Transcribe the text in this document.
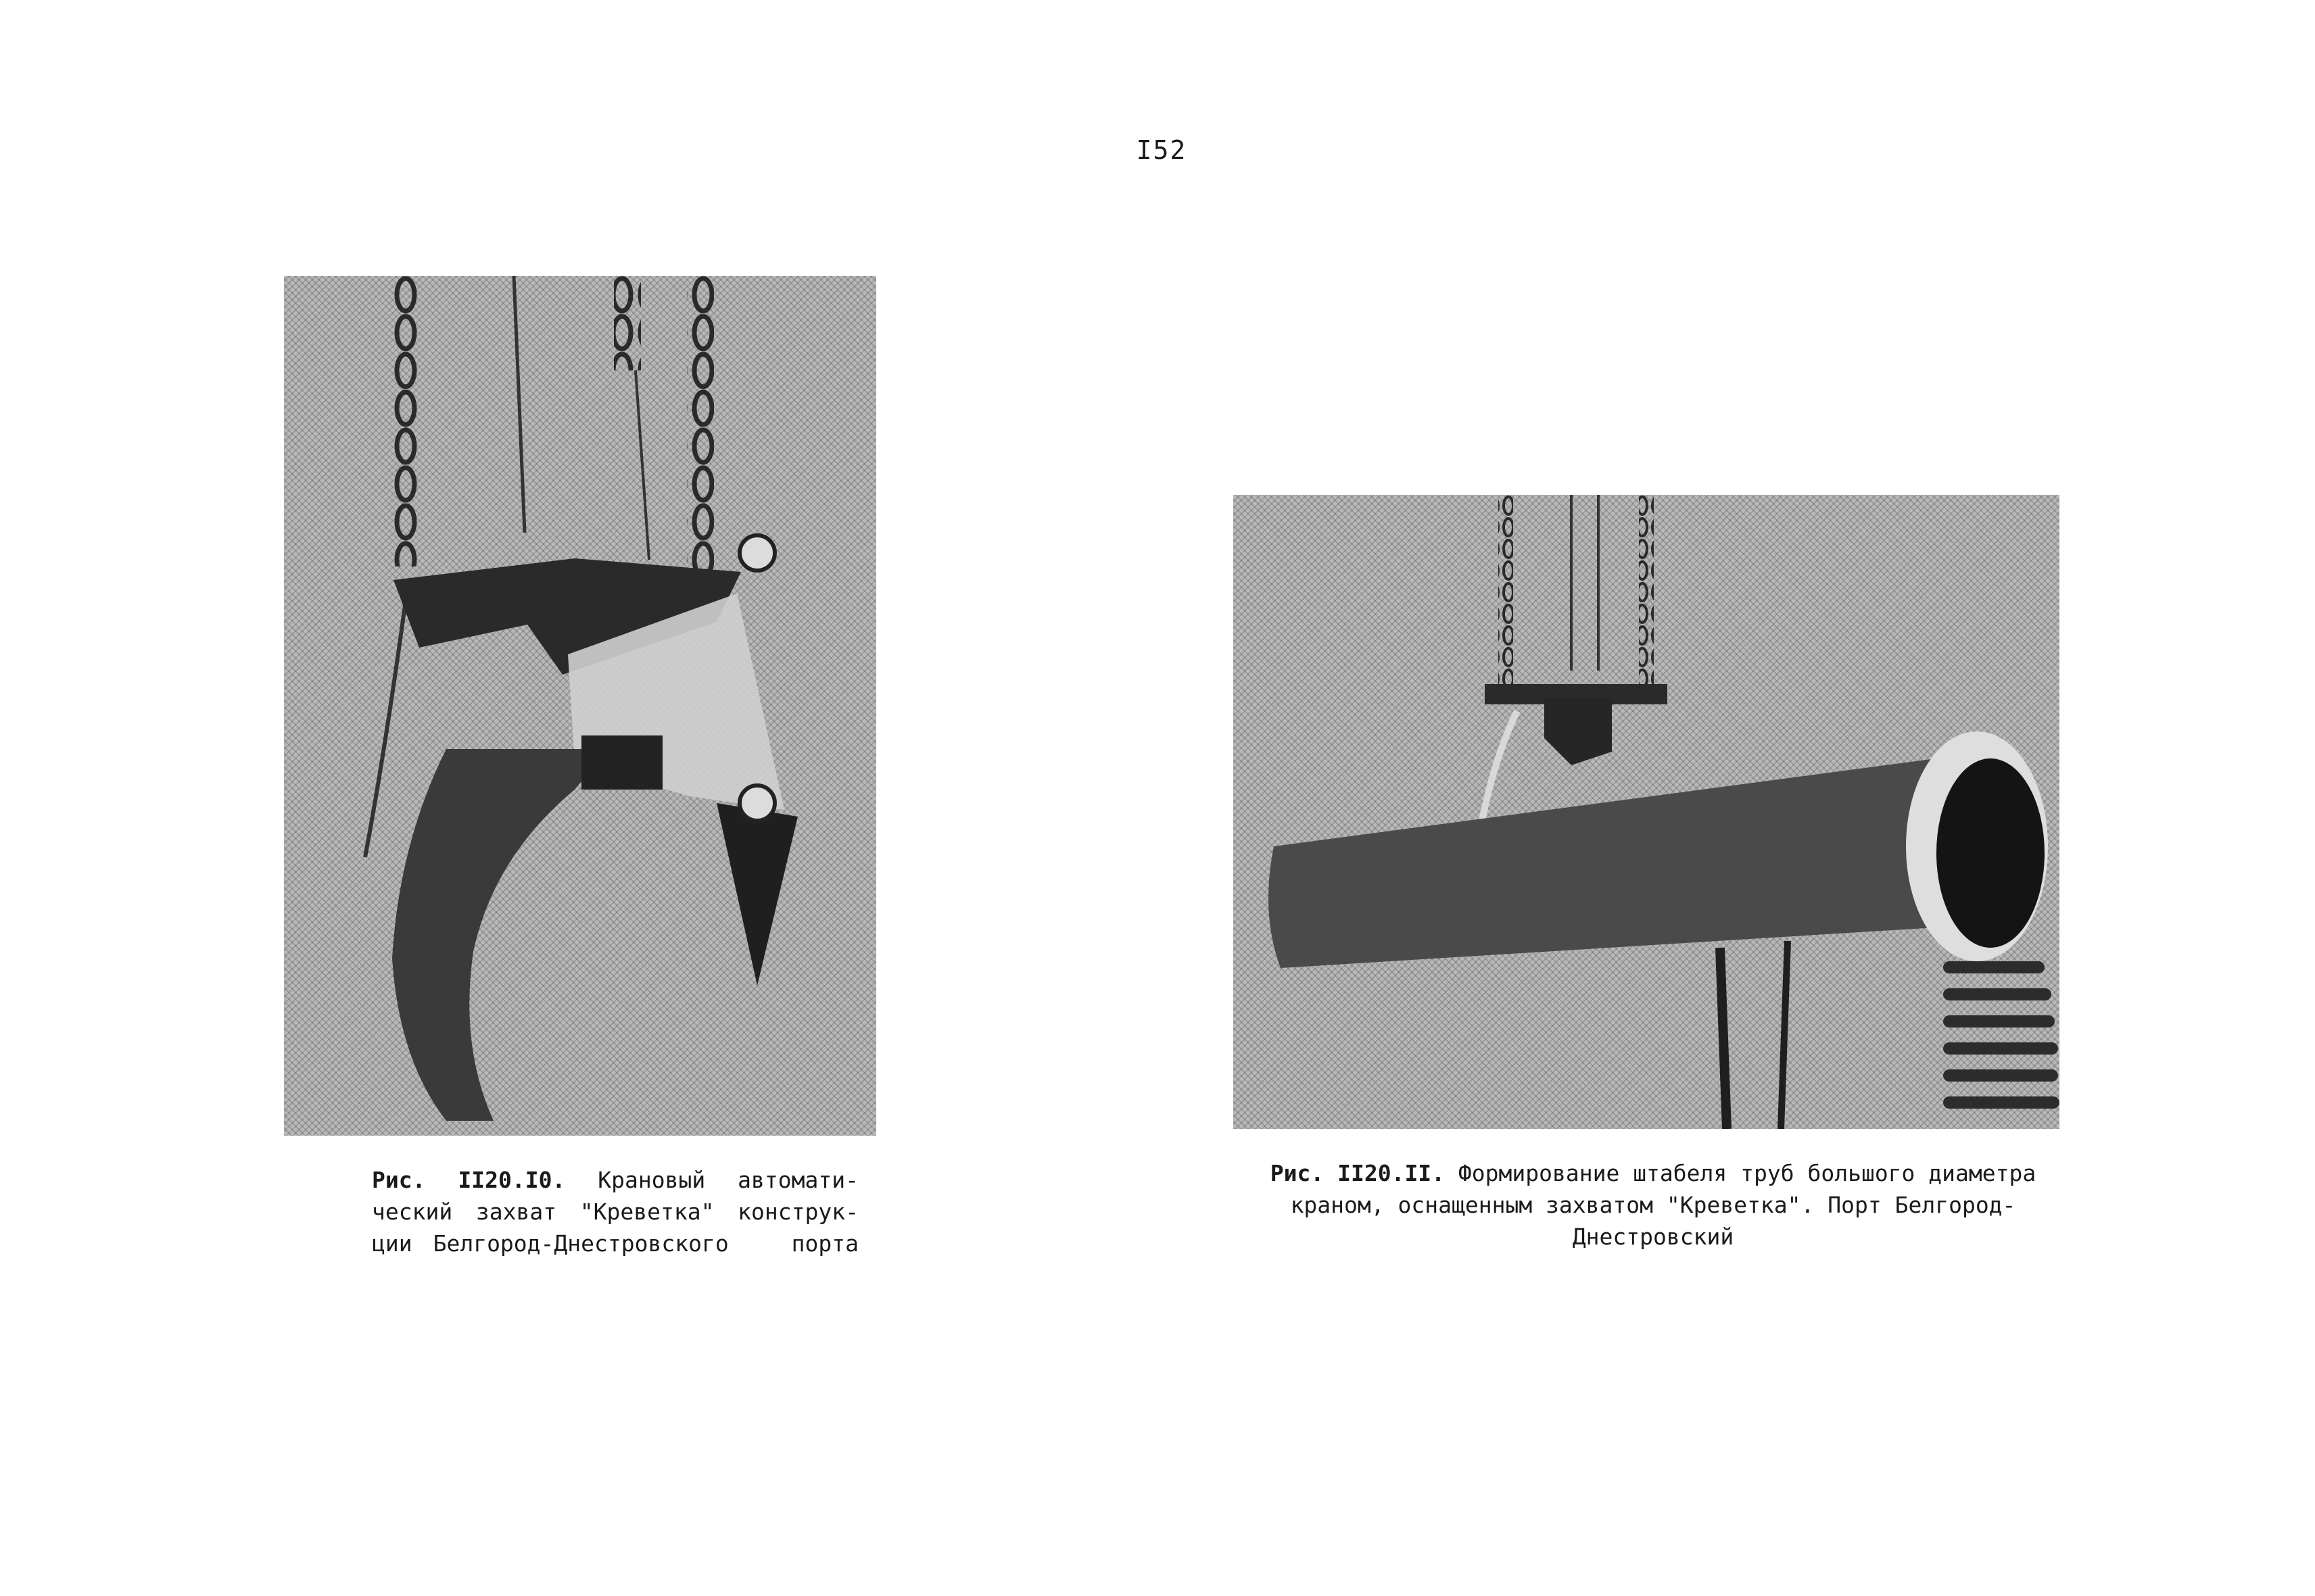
I52
Рис. II20.I0. Крановый автомати-
ческий захват "Креветка" конструк-
ции Белгород-Днестровского   порта
Рис. II20.II. Формирование штабеля труб большого диаметра
краном, оснащенным захватом "Креветка". Порт Белгород-
Днестровский
